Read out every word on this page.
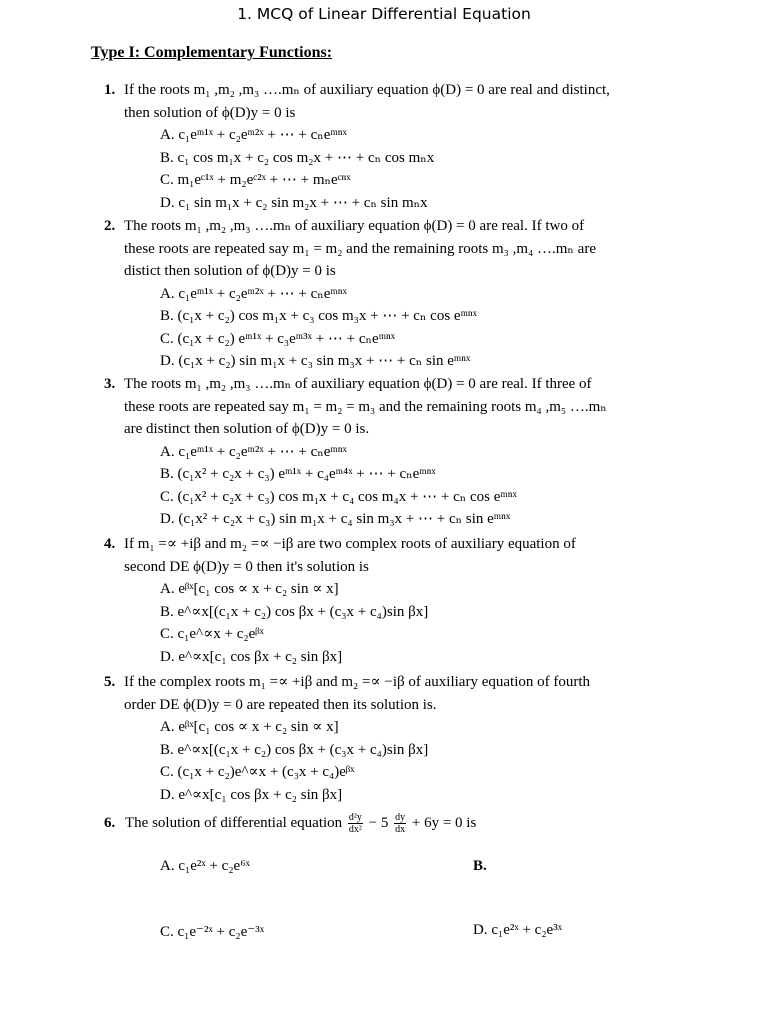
1. MCQ of Linear Differential Equation
Type I: Complementary Functions:
1. If the roots m₁ ,m₂ ,m₃ ….mₙ of auxiliary equation ϕ(D) = 0 are real and distinct,
then solution of ϕ(D)y = 0 is
A. c₁eᵐ¹ˣ + c₂eᵐ²ˣ + ⋯ + cₙeᵐⁿˣ
B. c₁ cos m₁x + c₂ cos m₂x + ⋯ + cₙ cos mₙx
C. m₁eᶜ¹ˣ + m₂eᶜ²ˣ + ⋯ + mₙeᶜⁿˣ
D. c₁ sin m₁x + c₂ sin m₂x + ⋯ + cₙ sin mₙx
2. The roots m₁ ,m₂ ,m₃ ….mₙ of auxiliary equation ϕ(D) = 0 are real. If two of
these roots are repeated say m₁ = m₂ and the remaining roots m₃ ,m₄ ….mₙ are
distict then solution of ϕ(D)y = 0 is
A. c₁eᵐ¹ˣ + c₂eᵐ²ˣ + ⋯ + cₙeᵐⁿˣ
B. (c₁x + c₂) cos m₁x + c₃ cos m₃x + ⋯ + cₙ cos eᵐⁿˣ
C. (c₁x + c₂) eᵐ¹ˣ + c₃eᵐ³ˣ + ⋯ + cₙeᵐⁿˣ
D. (c₁x + c₂) sin m₁x + c₃ sin m₃x + ⋯ + cₙ sin eᵐⁿˣ
3. The roots m₁ ,m₂ ,m₃ ….mₙ of auxiliary equation ϕ(D) = 0 are real. If three of
these roots are repeated say m₁ = m₂ = m₃ and the remaining roots m₄ ,m₅ ….mₙ
are distinct then solution of ϕ(D)y = 0 is.
A. c₁eᵐ¹ˣ + c₂eᵐ²ˣ + ⋯ + cₙeᵐⁿˣ
B. (c₁x² + c₂x + c₃) eᵐ¹ˣ + c₄eᵐ⁴ˣ + ⋯ + cₙeᵐⁿˣ
C. (c₁x² + c₂x + c₃) cos m₁x + c₄ cos m₄x + ⋯ + cₙ cos eᵐⁿˣ
D. (c₁x² + c₂x + c₃) sin m₁x + c₄ sin m₃x + ⋯ + cₙ sin eᵐⁿˣ
4. If m₁ =∝ +iβ and m₂ =∝ −iβ are two complex roots of auxiliary equation of
second DE ϕ(D)y = 0 then it's solution is
A. eᵝˣ[c₁ cos ∝ x + c₂ sin ∝ x]
B. e^∝x[(c₁x + c₂) cos βx + (c₃x + c₄)sin βx]
C. c₁e^∝x + c₂eᵝˣ
D. e^∝x[c₁ cos βx + c₂ sin βx]
5. If the complex roots m₁ =∝ +iβ and m₂ =∝ −iβ of auxiliary equation of fourth
order DE ϕ(D)y = 0 are repeated then its solution is.
A. eᵝˣ[c₁ cos ∝ x + c₂ sin ∝ x]
B. e^∝x[(c₁x + c₂) cos βx + (c₃x + c₄)sin βx]
C. (c₁x + c₂)e^∝x + (c₃x + c₄)eᵝˣ
D. e^∝x[c₁ cos βx + c₂ sin βx]
6. The solution of differential equation $\frac{\text{d²y}}{\text{dx²}} - 5 \frac{dy}{dx} + 6y = 0$ is
A. c₁e²ˣ + c₂e⁶ˣ	B.
C. c₁e⁻²ˣ + c₂e⁻³ˣ	D. c₁e²ˣ + c₂e³ˣ
